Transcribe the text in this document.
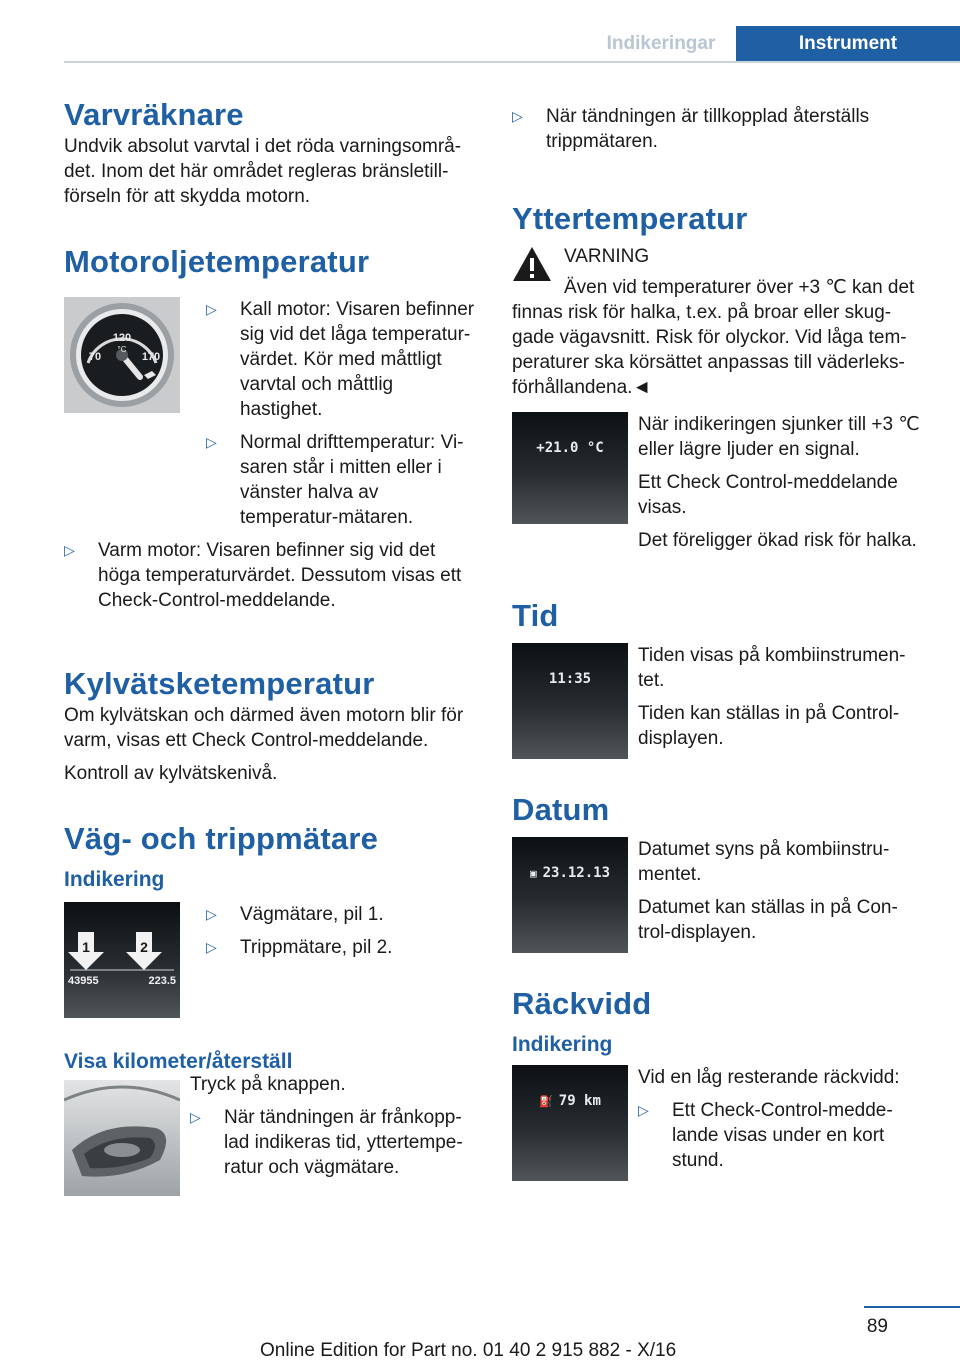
Indikeringar	Instrument
Varvräknare

Undvik absolut varvtal i det röda varningsområ-det. Inom det här området regleras bränsletill-förseln för att skydda motorn.

Motoroljetemperatur
120
°C
70	170
▷ Kall motor: Visaren befinner sig vid det låga temperatur-värdet. Kör med måttligt varvtal och måttlig hastighet.
▷ Normal drifttemperatur: Vi-saren står i mitten eller i vänster halva av temperatur-mätaren.
▷ Varm motor: Visaren befinner sig vid det höga temperaturvärdet. Dessutom visas ett Check-Control-meddelande.
Kylvätsketemperatur

Om kylvätskan och därmed även motorn blir för varm, visas ett Check Control-meddelande.

Kontroll av kylvätskenivå.

Väg- och trippmätare
Indikering
1	2
43955	223.5
▷ Vägmätare, pil 1.
▷ Trippmätare, pil 2.
Visa kilometer/återställ

Tryck på knappen.

▷ När tändningen är frånkopp-lad indikeras tid, yttertempe-ratur och vägmätare.
▷ När tändningen är tillkopplad återställs trippmätaren.
Yttertemperatur

VARNING

Även vid temperaturer över +3 ℃ kan det finnas risk för halka, t.ex. på broar eller skug-gade vägavsnitt. Risk för olyckor. Vid låga tem-peraturer ska körsättet anpassas till väderleks-förhållandena.◄

+21.0 °C

När indikeringen sjunker till +3 ℃ eller lägre ljuder en signal.

Ett Check Control-meddelande visas.

Det föreligger ökad risk för halka.

Tid
11:35

Tiden visas på kombiinstrumen-tet.

Tiden kan ställas in på Control-displayen.

Datum
▣ 23.12.13

Datumet syns på kombiinstru-mentet.

Datumet kan ställas in på Con-trol-displayen.

Räckvidd
Indikering
⛽ 79 km

Vid en låg resterande räckvidd:

▷ Ett Check-Control-medde-lande visas under en kort stund.
89
Online Edition for Part no. 01 40 2 915 882 - X/16
